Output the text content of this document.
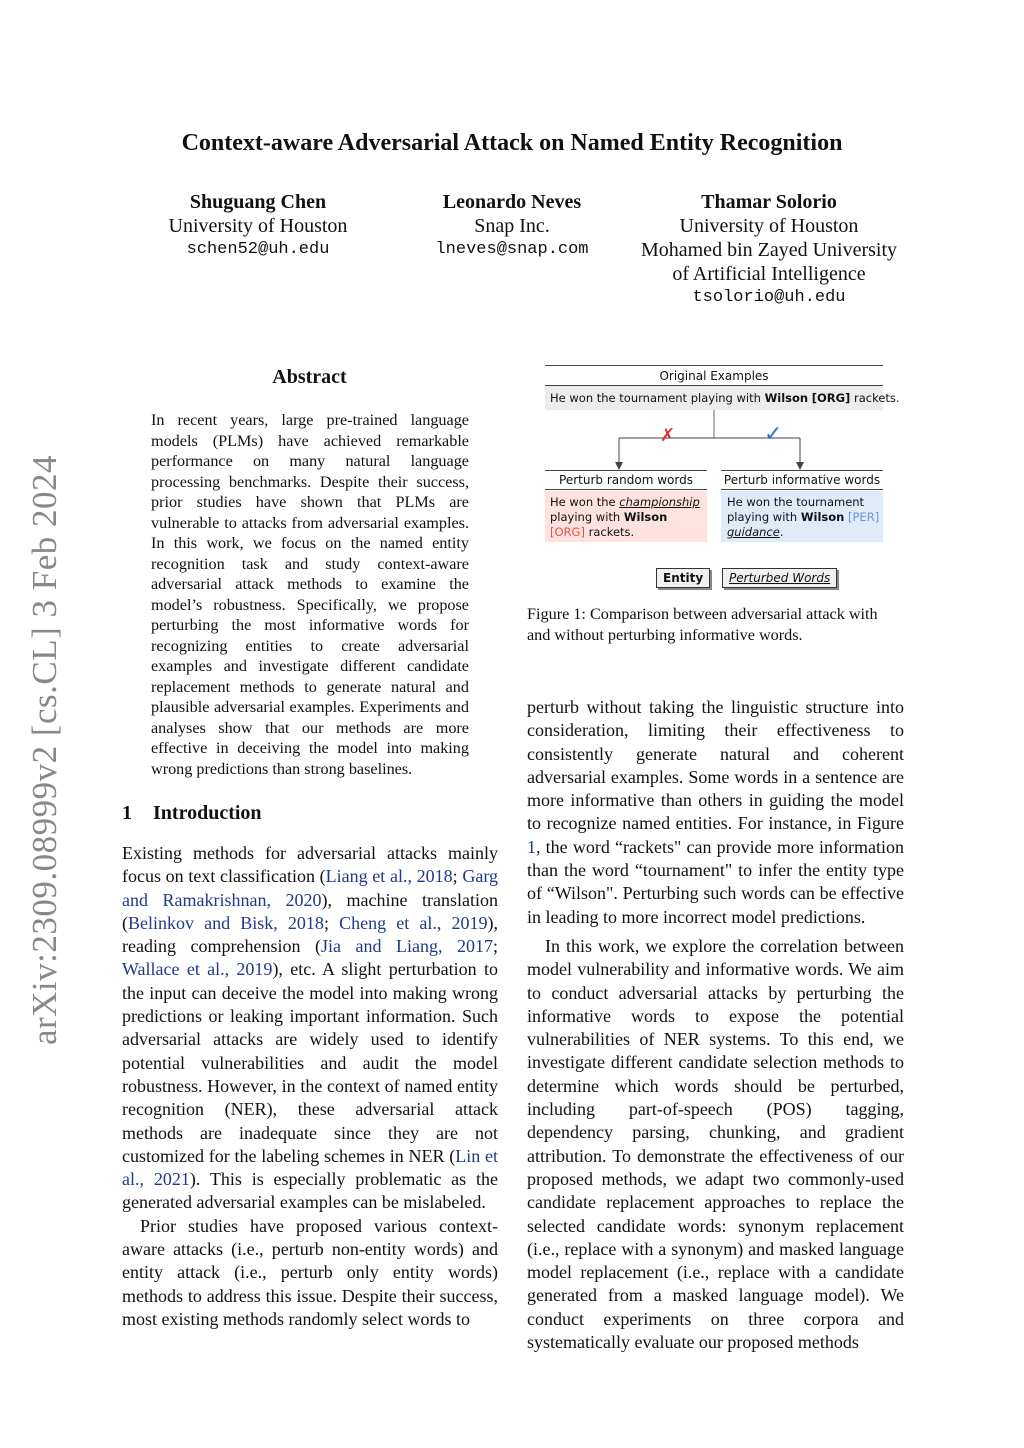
Context-aware Adversarial Attack on Named Entity Recognition
Shuguang Chen
University of Houston
schen52@uh.edu
Leonardo Neves
Snap Inc.
lneves@snap.com
Thamar Solorio
University of Houston
Mohamed bin Zayed University
of Artificial Intelligence
tsolorio@uh.edu
arXiv:2309.08999v2 [cs.CL] 3 Feb 2024
Abstract
In recent years, large pre-trained language models (PLMs) have achieved remarkable performance on many natural language processing benchmarks. Despite their success, prior studies have shown that PLMs are vulnerable to attacks from adversarial examples. In this work, we focus on the named entity recognition task and study context-aware adversarial attack methods to examine the model’s robustness. Specifically, we propose perturbing the most informative words for recognizing entities to create adversarial examples and investigate different candidate replacement methods to generate natural and plausible adversarial examples. Experiments and analyses show that our methods are more effective in deceiving the model into making wrong predictions than strong baselines.
1 Introduction

Existing methods for adversarial attacks mainly focus on text classification (Liang et al., 2018; Garg and Ramakrishnan, 2020), machine translation (Belinkov and Bisk, 2018; Cheng et al., 2019), reading comprehension (Jia and Liang, 2017; Wallace et al., 2019), etc. A slight perturbation to the input can deceive the model into making wrong predictions or leaking important information. Such adversarial attacks are widely used to identify potential vulnerabilities and audit the model robustness. However, in the context of named entity recognition (NER), these adversarial attack methods are inadequate since they are not customized for the labeling schemes in NER (Lin et al., 2021). This is especially problematic as the generated adversarial examples can be mislabeled.

Prior studies have proposed various context-aware attacks (i.e., perturb non-entity words) and entity attack (i.e., perturb only entity words) methods to address this issue. Despite their success, most existing methods randomly select words to

Original Examples
He won the tournament playing with Wilson [ORG] rackets.
✗	✓
Perturb random words
He won the championship playing with Wilson
[ORG] rackets.
Perturb informative words
He won the tournament playing with Wilson [PER]
guidance.
Entity	Perturbed Words
Figure 1: Comparison between adversarial attack with and without perturbing informative words.

perturb without taking the linguistic structure into consideration, limiting their effectiveness to consistently generate natural and coherent adversarial examples. Some words in a sentence are more informative than others in guiding the model to recognize named entities. For instance, in Figure 1, the word “rackets" can provide more information than the word “tournament" to infer the entity type of “Wilson". Perturbing such words can be effective in leading to more incorrect model predictions.

In this work, we explore the correlation between model vulnerability and informative words. We aim to conduct adversarial attacks by perturbing the informative words to expose the potential vulnerabilities of NER systems. To this end, we investigate different candidate selection methods to determine which words should be perturbed, including part-of-speech (POS) tagging, dependency parsing, chunking, and gradient attribution. To demonstrate the effectiveness of our proposed methods, we adapt two commonly-used candidate replacement approaches to replace the selected candidate words: synonym replacement (i.e., replace with a synonym) and masked language model replacement (i.e., replace with a candidate generated from a masked language model). We conduct experiments on three corpora and systematically evaluate our proposed methods
